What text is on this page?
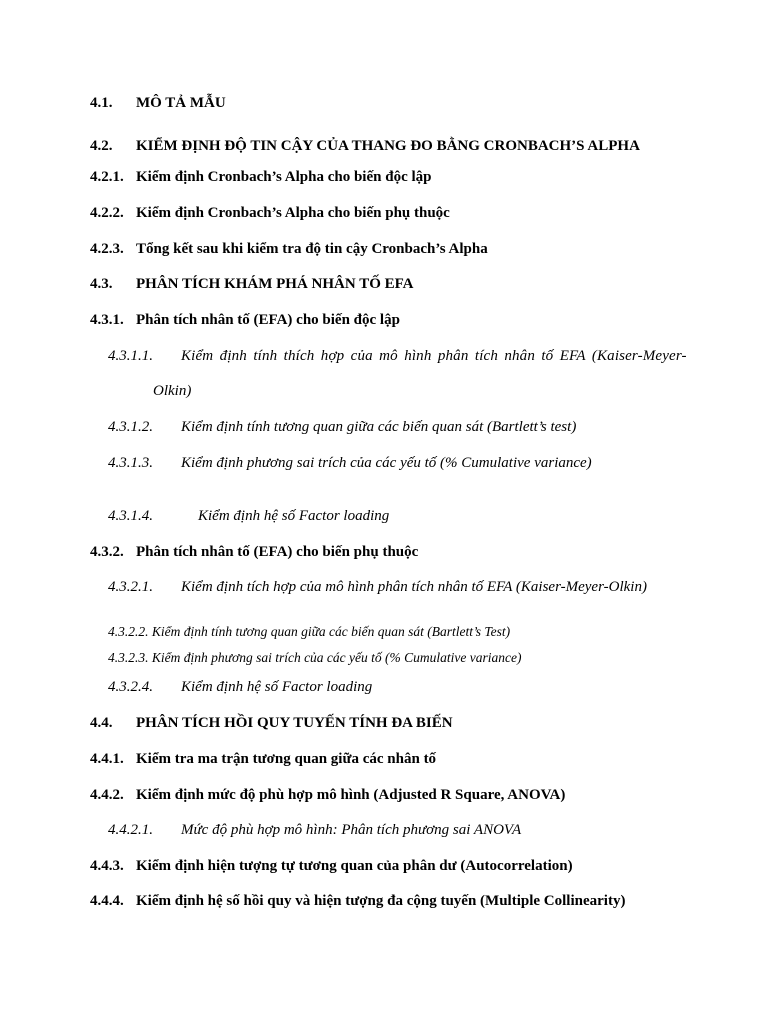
4.1. MÔ TẢ MẪU
4.2. KIỂM ĐỊNH ĐỘ TIN CẬY CỦA THANG ĐO BẰNG CRONBACH’S ALPHA
4.2.1. Kiểm định Cronbach’s Alpha cho biến độc lập
4.2.2. Kiểm định Cronbach’s Alpha cho biến phụ thuộc
4.2.3. Tổng kết sau khi kiểm tra độ tin cậy Cronbach’s Alpha
4.3. PHÂN TÍCH KHÁM PHÁ NHÂN TỐ EFA
4.3.1. Phân tích nhân tố (EFA) cho biến độc lập
4.3.1.1. Kiểm định tính thích hợp của mô hình phân tích nhân tố EFA (Kaiser-Meyer-
Olkin)
4.3.1.2. Kiểm định tính tương quan giữa các biến quan sát (Bartlett’s test)
4.3.1.3. Kiểm định phương sai trích của các yếu tố (% Cumulative variance)
4.3.1.4.	Kiểm định hệ số Factor loading
4.3.2. Phân tích nhân tố (EFA) cho biến phụ thuộc
4.3.2.1. Kiểm định tích hợp của mô hình phân tích nhân tố EFA (Kaiser-Meyer-Olkin)
4.3.2.2. Kiểm định tính tương quan giữa các biến quan sát (Bartlett’s Test)
4.3.2.3. Kiểm định phương sai trích của các yếu tố (% Cumulative variance)
4.3.2.4. Kiểm định hệ số Factor loading
4.4. PHÂN TÍCH HỒI QUY TUYẾN TÍNH ĐA BIẾN
4.4.1. Kiểm tra ma trận tương quan giữa các nhân tố
4.4.2. Kiểm định mức độ phù hợp mô hình (Adjusted R Square, ANOVA)
4.4.2.1. Mức độ phù hợp mô hình: Phân tích phương sai ANOVA
4.4.3. Kiểm định hiện tượng tự tương quan của phân dư (Autocorrelation)
4.4.4. Kiểm định hệ số hồi quy và hiện tượng đa cộng tuyến (Multiple Collinearity)
